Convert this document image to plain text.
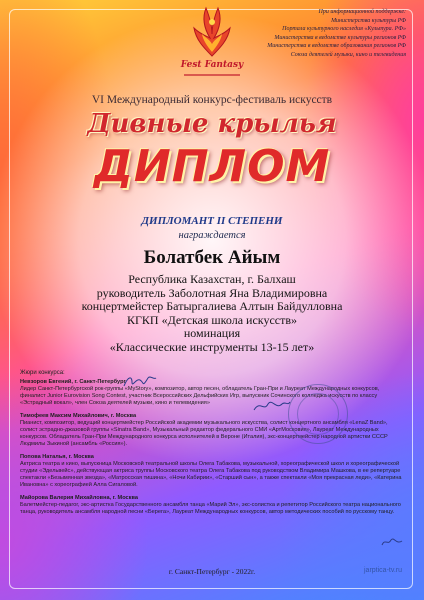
Fest Fantasy
При информационной поддержке:
Министерства культуры РФ
Портала культурного наследия «Культура. РФ»
Министерства в ведомстве культуры регионов РФ
Министерства в ведомстве образования регионов РФ
Союза деятелей музыки, кино и телевидения
VI Международный конкурс-фестиваль искусств
Дивные крылья
ДИПЛОМ
ДИПЛОМАНТ II СТЕПЕНИ
награждается
Болатбек Айым
Республика Казахстан, г. Балхаш
руководитель Заболотная Яна Владимировна
концертмейстер Батыргалиева Алтын Байдулловна
КГКП «Детская школа искусств»
номинация
«Классические инструменты 13-15 лет»
Жюри конкурса:
Невзоров Евгений, г. Санкт-Петербург
Лидер Санкт-Петербургской рок-группы «MyStory», композитор, автор песен, обладатель Гран-При и Лауреат Международных конкурсов, финалист Junior Eurovision Song Contest, участник Всероссийских Дельфийских Игр, выпускник Сочинского колледжа искусств по классу «Эстрадный вокал», член Союза деятелей музыки, кино и телевидения»
Тимофеев Максим Михайлович, г. Москва
Пианист, композитор, ведущий концертмейстер Российской академии музыкального искусства, солист концертного ансамбля «LenaZ Band», солист эстрадно-джазовой группы «Sinatra Band», Музыкальный редактор федерального СМИ «АртМосковия», Лауреат Международных конкурсов. Обладатель Гран-При Международного конкурса исполнителей в Вероне (Италия), экс-концертмейстер народной артистки СССР Людмилы Зыкиной (ансамбль «Россия»).
Попова Наталья, г. Москва
Актриса театра и кино, выпускница Московской театральной школы Олега Табакова, музыкальной, хореографической школ и хореографической студии «Эдельвейс», действующая актриса труппы Московского театра Олега Табакова под руководством Владимира Машкова, в ее репертуаре спектакли «Безымянная звезда», «Матросская тишина», «Ночи Кабирии», «Старший сын», а также спектакли «Моя прекрасная леди», «Катерина Ивановна» с хореографией Алла Сигаловой.
Майорова Валерия Михайловна, г. Москва
Балетмейстер-педагог, экс-артистка Государственного ансамбля танца «Марий Эл», экс-солистка и репетитор Российского театра национального танца, руководитель ансамбля народной песни «Берега», Лауреат Международных конкурсов, автор методических пособий по русскому танцу.
г. Санкт-Петербург - 2022г.	jarptica-tv.ru
